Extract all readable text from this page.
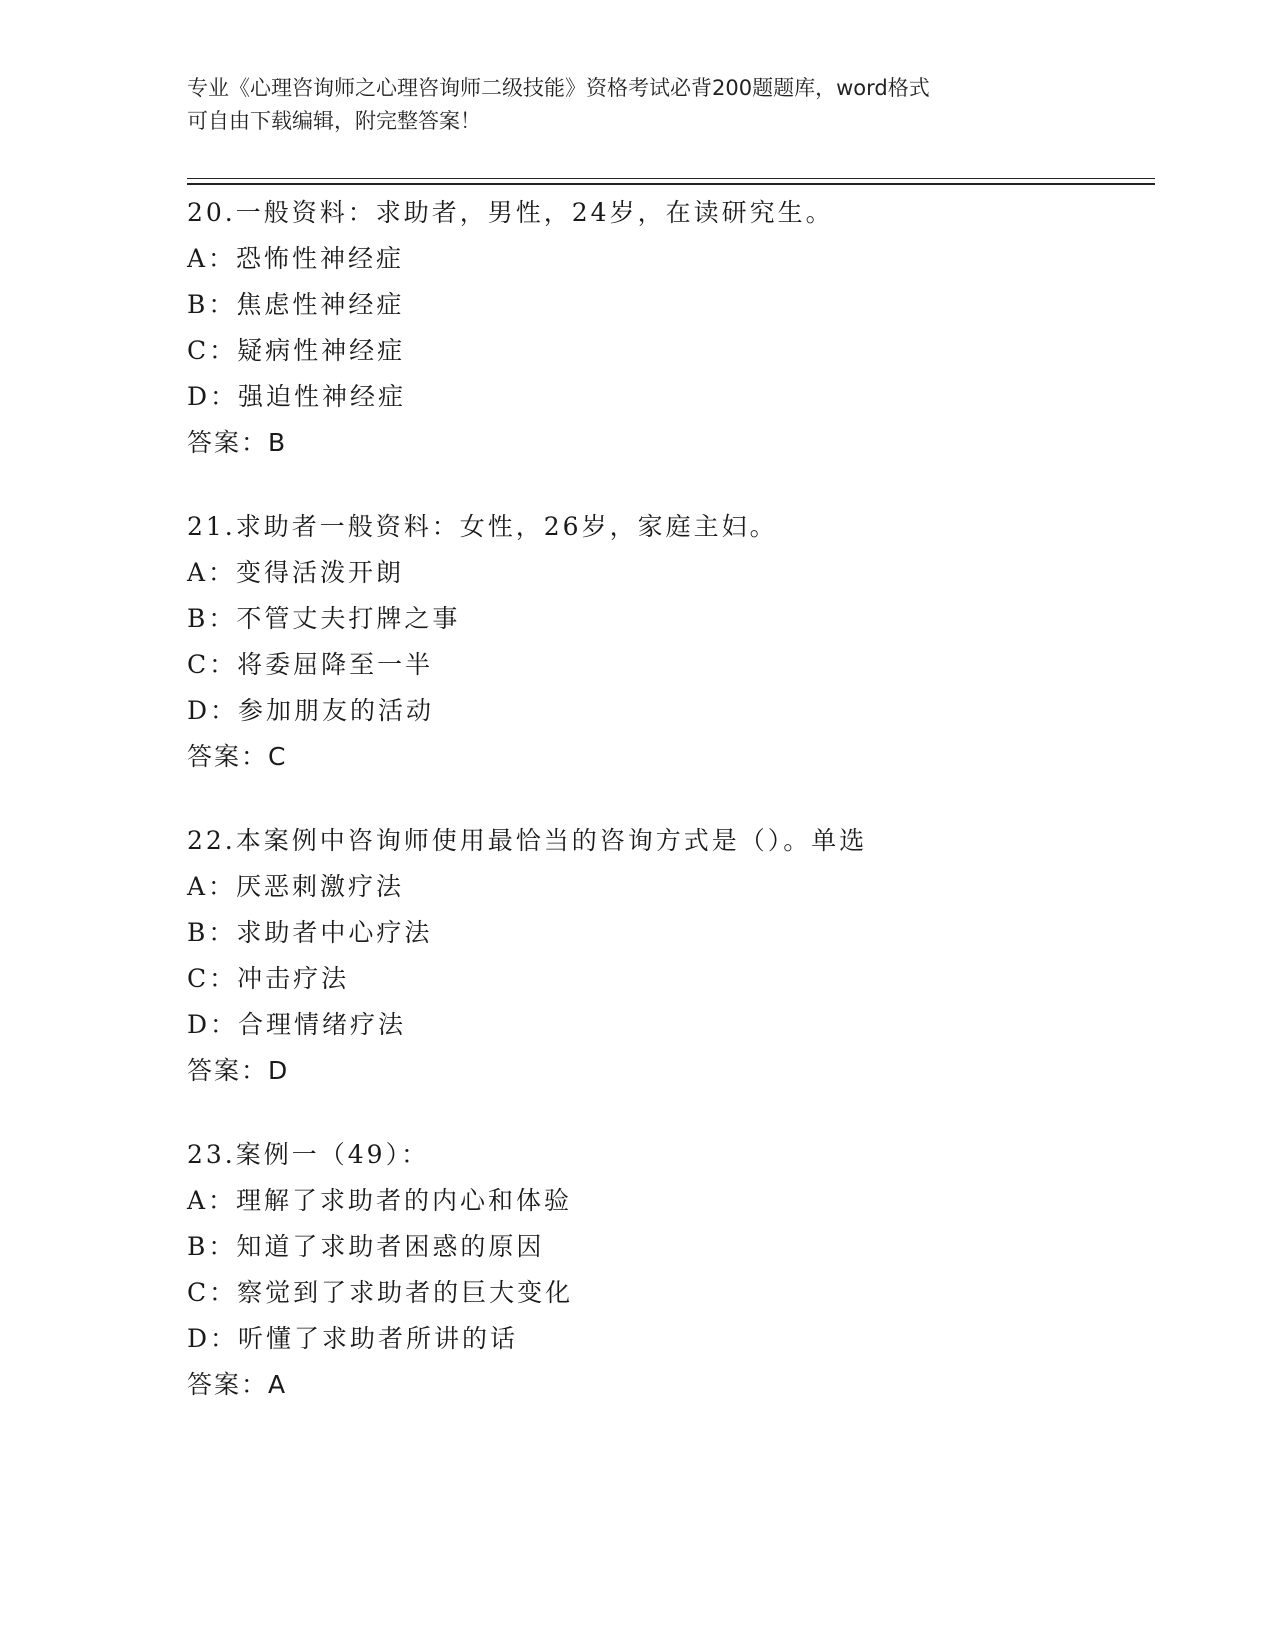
专业《心理咨询师之心理咨询师二级技能》资格考试必背200题题库，word格式
可自由下载编辑，附完整答案！
20.一般资料：求助者，男性，24岁，在读研究生。
A：恐怖性神经症
B：焦虑性神经症
C：疑病性神经症
D：强迫性神经症
答案：B
21.求助者一般资料：女性，26岁，家庭主妇。
A：变得活泼开朗
B：不管丈夫打牌之事
C：将委屈降至一半
D：参加朋友的活动
答案：C
22.本案例中咨询师使用最恰当的咨询方式是（）。单选
A：厌恶刺激疗法
B：求助者中心疗法
C：冲击疗法
D：合理情绪疗法
答案：D
23.案例一（49）：
A：理解了求助者的内心和体验
B：知道了求助者困惑的原因
C：察觉到了求助者的巨大变化
D：听懂了求助者所讲的话
答案：A
